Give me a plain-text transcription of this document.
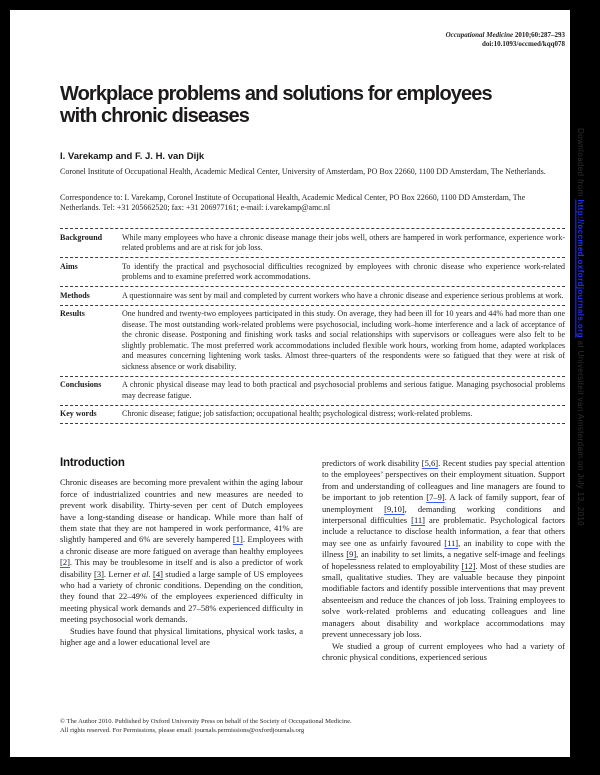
Occupational Medicine 2010;60:287–293
doi:10.1093/occmed/kqq078
Workplace problems and solutions for employees
with chronic diseases
I. Varekamp and F. J. H. van Dijk
Coronel Institute of Occupational Health, Academic Medical Center, University of Amsterdam, PO Box 22660, 1100 DD Amsterdam, The Netherlands.
Correspondence to: I. Varekamp, Coronel Institute of Occupational Health, Academic Medical Center, PO Box 22660, 1100 DD Amsterdam, The Netherlands. Tel: +31 205662520; fax: +31 206977161; e-mail: i.varekamp@amc.nl
Background	While many employees who have a chronic disease manage their jobs well, others are hampered in work performance, experience work-related problems and are at risk for job loss.
Aims	To identify the practical and psychosocial difficulties recognized by employees with chronic disease who experience work-related problems and to examine preferred work accommodations.
Methods	A questionnaire was sent by mail and completed by current workers who have a chronic disease and experience serious problems at work.
Results	One hundred and twenty-two employees participated in this study. On average, they had been ill for 10 years and 44% had more than one disease. The most outstanding work-related problems were psychosocial, including work–home interference and a lack of acceptance of the chronic disease. Postponing and finishing work tasks and social relationships with supervisors or colleagues were also felt to be slightly problematic. The most preferred work accommodations included flexible work hours, working from home, adapted workplaces and measures concerning lightening work tasks. Almost three-quarters of the respondents were so fatigued that they were at risk of sickness absence or work disability.
Conclusions	A chronic physical disease may lead to both practical and psychosocial problems and serious fatigue. Managing psychosocial problems may decrease fatigue.
Key words	Chronic disease; fatigue; job satisfaction; occupational health; psychological distress; work-related problems.
Introduction

Chronic diseases are becoming more prevalent within the aging labour force of industrialized countries and new measures are needed to prevent work disability. Thirty-seven per cent of Dutch employees have a long-standing disease or handicap. While more than half of them state that they are not hampered in work performance, 41% are slightly hampered and 6% are severely hampered [1]. Employees with a chronic disease are more fatigued on average than healthy employees [2]. This may be troublesome in itself and is also a predictor of work disability [3]. Lerner et al. [4] studied a large sample of US employees who had a variety of chronic conditions. Depending on the condition, they found that 22–49% of the employees experienced difficulty in meeting physical work demands and 27–58% experienced difficulty in meeting psychosocial work demands.

Studies have found that physical limitations, physical work tasks, a higher age and a lower educational level are

predictors of work disability [5,6]. Recent studies pay special attention to the employees’ perspectives on their employment situation. Support from and understanding of colleagues and line managers are found to be important to job retention [7–9]. A lack of family support, fear of unemployment [9,10], demanding working conditions and interpersonal difficulties [11] are problematic. Psychological factors include a reluctance to disclose health information, a fear that others may see one as unfairly favoured [11], an inability to cope with the illness [9], an inability to set limits, a negative self-image and feelings of hopelessness related to employability [12]. Most of these studies are small, qualitative studies. They are valuable because they pinpoint modifiable factors and identify possible interventions that may prevent absenteeism and reduce the chances of job loss. Training employees to solve work-related problems and educating colleagues and line managers about disability and workplace accommodations may prevent unnecessary job loss.

We studied a group of current employees who had a variety of chronic physical conditions, experienced serious

© The Author 2010. Published by Oxford University Press on behalf of the Society of Occupational Medicine.
All rights reserved. For Permissions, please email: journals.permissions@oxfordjournals.org
Downloaded from http://occmed.oxfordjournals.org at Universiteit van Amsterdam on July 13, 2010
